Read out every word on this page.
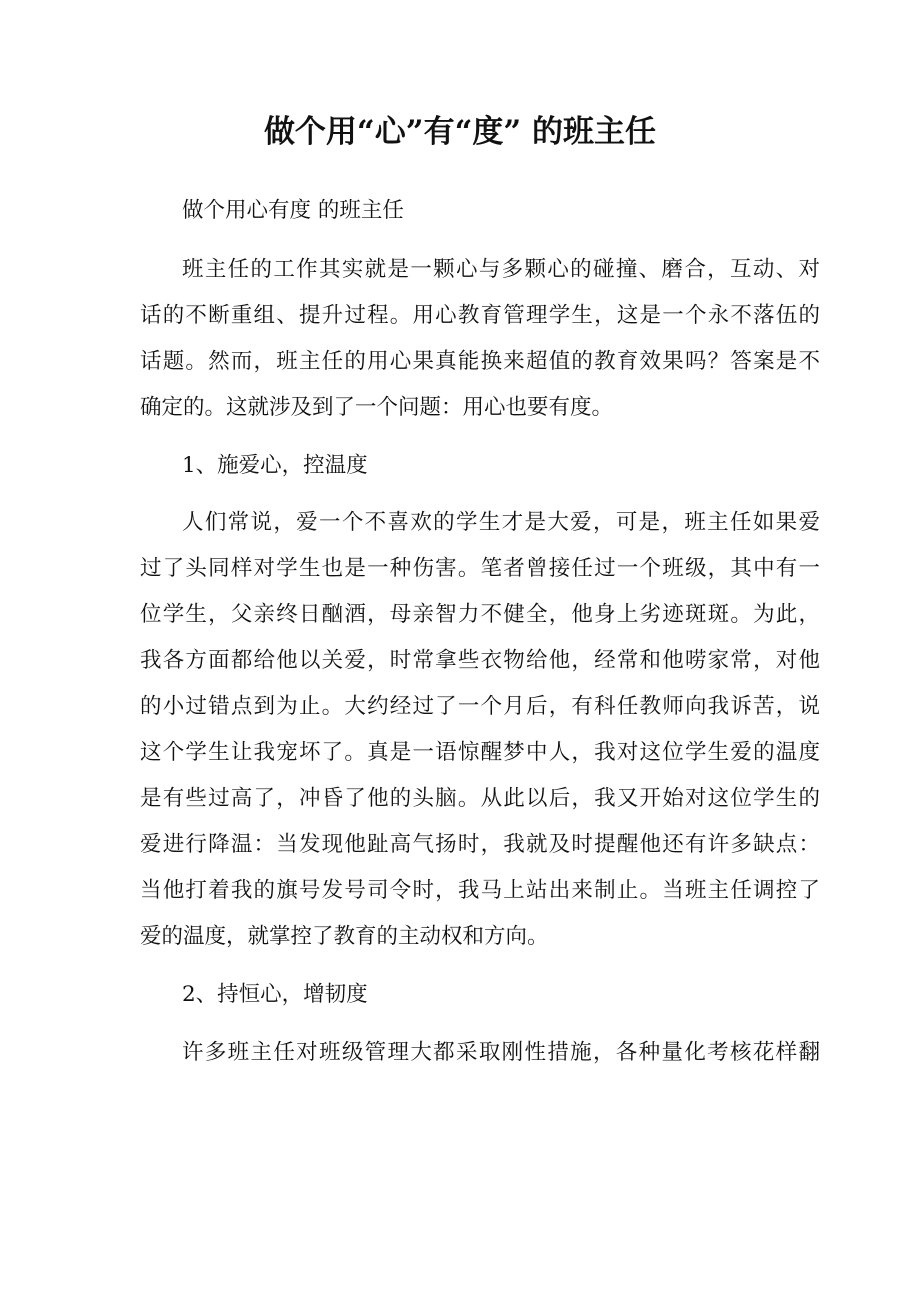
做个用“心”有“度” 的班主任
做个用心有度 的班主任
班主任的工作其实就是一颗心与多颗心的碰撞、磨合，互动、对
话的不断重组、提升过程。用心教育管理学生，这是一个永不落伍的
话题。然而，班主任的用心果真能换来超值的教育效果吗？答案是不
确定的。这就涉及到了一个问题：用心也要有度。
1、施爱心，控温度
人们常说，爱一个不喜欢的学生才是大爱，可是，班主任如果爱
过了头同样对学生也是一种伤害。笔者曾接任过一个班级，其中有一
位学生，父亲终日酗酒，母亲智力不健全，他身上劣迹斑斑。为此，
我各方面都给他以关爱，时常拿些衣物给他，经常和他唠家常，对他
的小过错点到为止。大约经过了一个月后，有科任教师向我诉苦，说
这个学生让我宠坏了。真是一语惊醒梦中人，我对这位学生爱的温度
是有些过高了，冲昏了他的头脑。从此以后，我又开始对这位学生的
爱进行降温：当发现他趾高气扬时，我就及时提醒他还有许多缺点：
当他打着我的旗号发号司令时，我马上站出来制止。当班主任调控了
爱的温度，就掌控了教育的主动权和方向。
2、持恒心，增韧度
许多班主任对班级管理大都采取刚性措施，各种量化考核花样翻
